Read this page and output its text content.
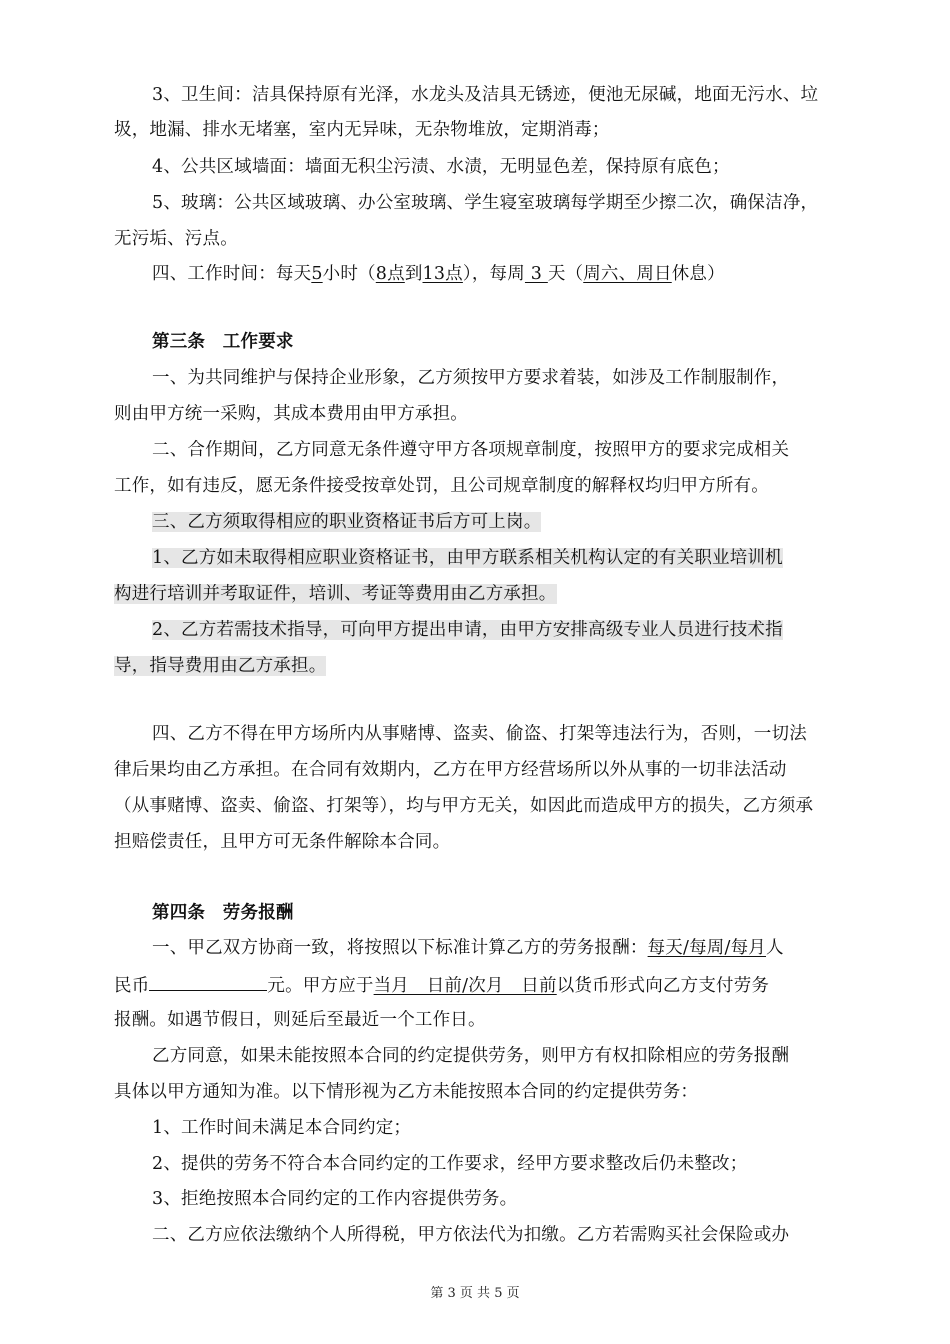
3、卫生间：洁具保持原有光泽，水龙头及洁具无锈迹，便池无尿碱，地面无污水、垃
圾，地漏、排水无堵塞，室内无异味，无杂物堆放，定期消毒；
4、公共区域墙面：墙面无积尘污渍、水渍，无明显色差，保持原有底色；
5、玻璃：公共区域玻璃、办公室玻璃、学生寝室玻璃每学期至少擦二次，确保洁净，
无污垢、污点。
四、工作时间：每天5小时（8点到13点），每周 3 天（周六、周日休息）
第三条　工作要求
一、为共同维护与保持企业形象，乙方须按甲方要求着装，如涉及工作制服制作，
则由甲方统一采购，其成本费用由甲方承担。
二、合作期间，乙方同意无条件遵守甲方各项规章制度，按照甲方的要求完成相关
工作，如有违反，愿无条件接受按章处罚，且公司规章制度的解释权均归甲方所有。
三、乙方须取得相应的职业资格证书后方可上岗。
1、乙方如未取得相应职业资格证书，由甲方联系相关机构认定的有关职业培训机
构进行培训并考取证件，培训、考证等费用由乙方承担。
2、乙方若需技术指导，可向甲方提出申请，由甲方安排高级专业人员进行技术指
导，指导费用由乙方承担。
四、乙方不得在甲方场所内从事赌博、盗卖、偷盗、打架等违法行为，否则，一切法
律后果均由乙方承担。在合同有效期内，乙方在甲方经营场所以外从事的一切非法活动
（从事赌博、盗卖、偷盗、打架等），均与甲方无关，如因此而造成甲方的损失，乙方须承
担赔偿责任，且甲方可无条件解除本合同。
第四条　劳务报酬
一、甲乙双方协商一致，将按照以下标准计算乙方的劳务报酬：每天/每周/每月人
民币	元。甲方应于当月　日前/次月　日前以货币形式向乙方支付劳务
报酬。如遇节假日，则延后至最近一个工作日。
乙方同意，如果未能按照本合同的约定提供劳务，则甲方有权扣除相应的劳务报酬
具体以甲方通知为准。以下情形视为乙方未能按照本合同的约定提供劳务：
1、工作时间未满足本合同约定；
2、提供的劳务不符合本合同约定的工作要求，经甲方要求整改后仍未整改；
3、拒绝按照本合同约定的工作内容提供劳务。
二、乙方应依法缴纳个人所得税，甲方依法代为扣缴。乙方若需购买社会保险或办
第 3 页 共 5 页
